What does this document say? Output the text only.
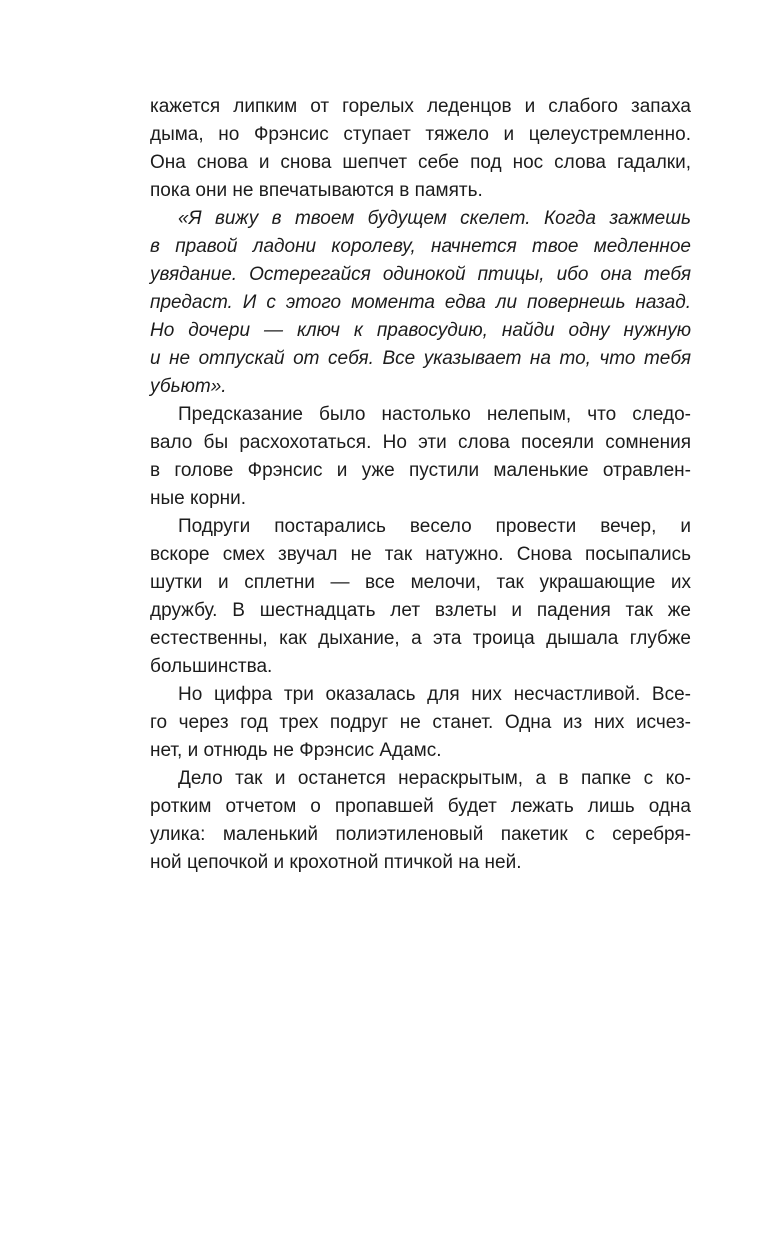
кажется липким от горелых леденцов и слабого запаха
дыма, но Фрэнсис ступает тяжело и целеустремленно.
Она снова и снова шепчет себе под нос слова гадалки,
пока они не впечатываются в память.

«Я вижу в твоем будущем скелет. Когда зажмешь
в правой ладони королеву, начнется твое медленное
увядание. Остерегайся одинокой птицы, ибо она тебя
предаст. И с этого момента едва ли повернешь назад.
Но дочери — ключ к правосудию, найди одну нужную
и не отпускай от себя. Все указывает на то, что тебя
убьют».

Предсказание было настолько нелепым, что следо-
вало бы расхохотаться. Но эти слова посеяли сомнения
в голове Фрэнсис и уже пустили маленькие отравлен-
ные корни.

Подруги постарались весело провести вечер, и
вскоре смех звучал не так натужно. Снова посыпались
шутки и сплетни — все мелочи, так украшающие их
дружбу. В шестнадцать лет взлеты и падения так же
естественны, как дыхание, а эта троица дышала глубже
большинства.

Но цифра три оказалась для них несчастливой. Все-
го через год трех подруг не станет. Одна из них исчез-
нет, и отнюдь не Фрэнсис Адамс.

Дело так и останется нераскрытым, а в папке с ко-
ротким отчетом о пропавшей будет лежать лишь одна
улика: маленький полиэтиленовый пакетик с серебря-
ной цепочкой и крохотной птичкой на ней.
